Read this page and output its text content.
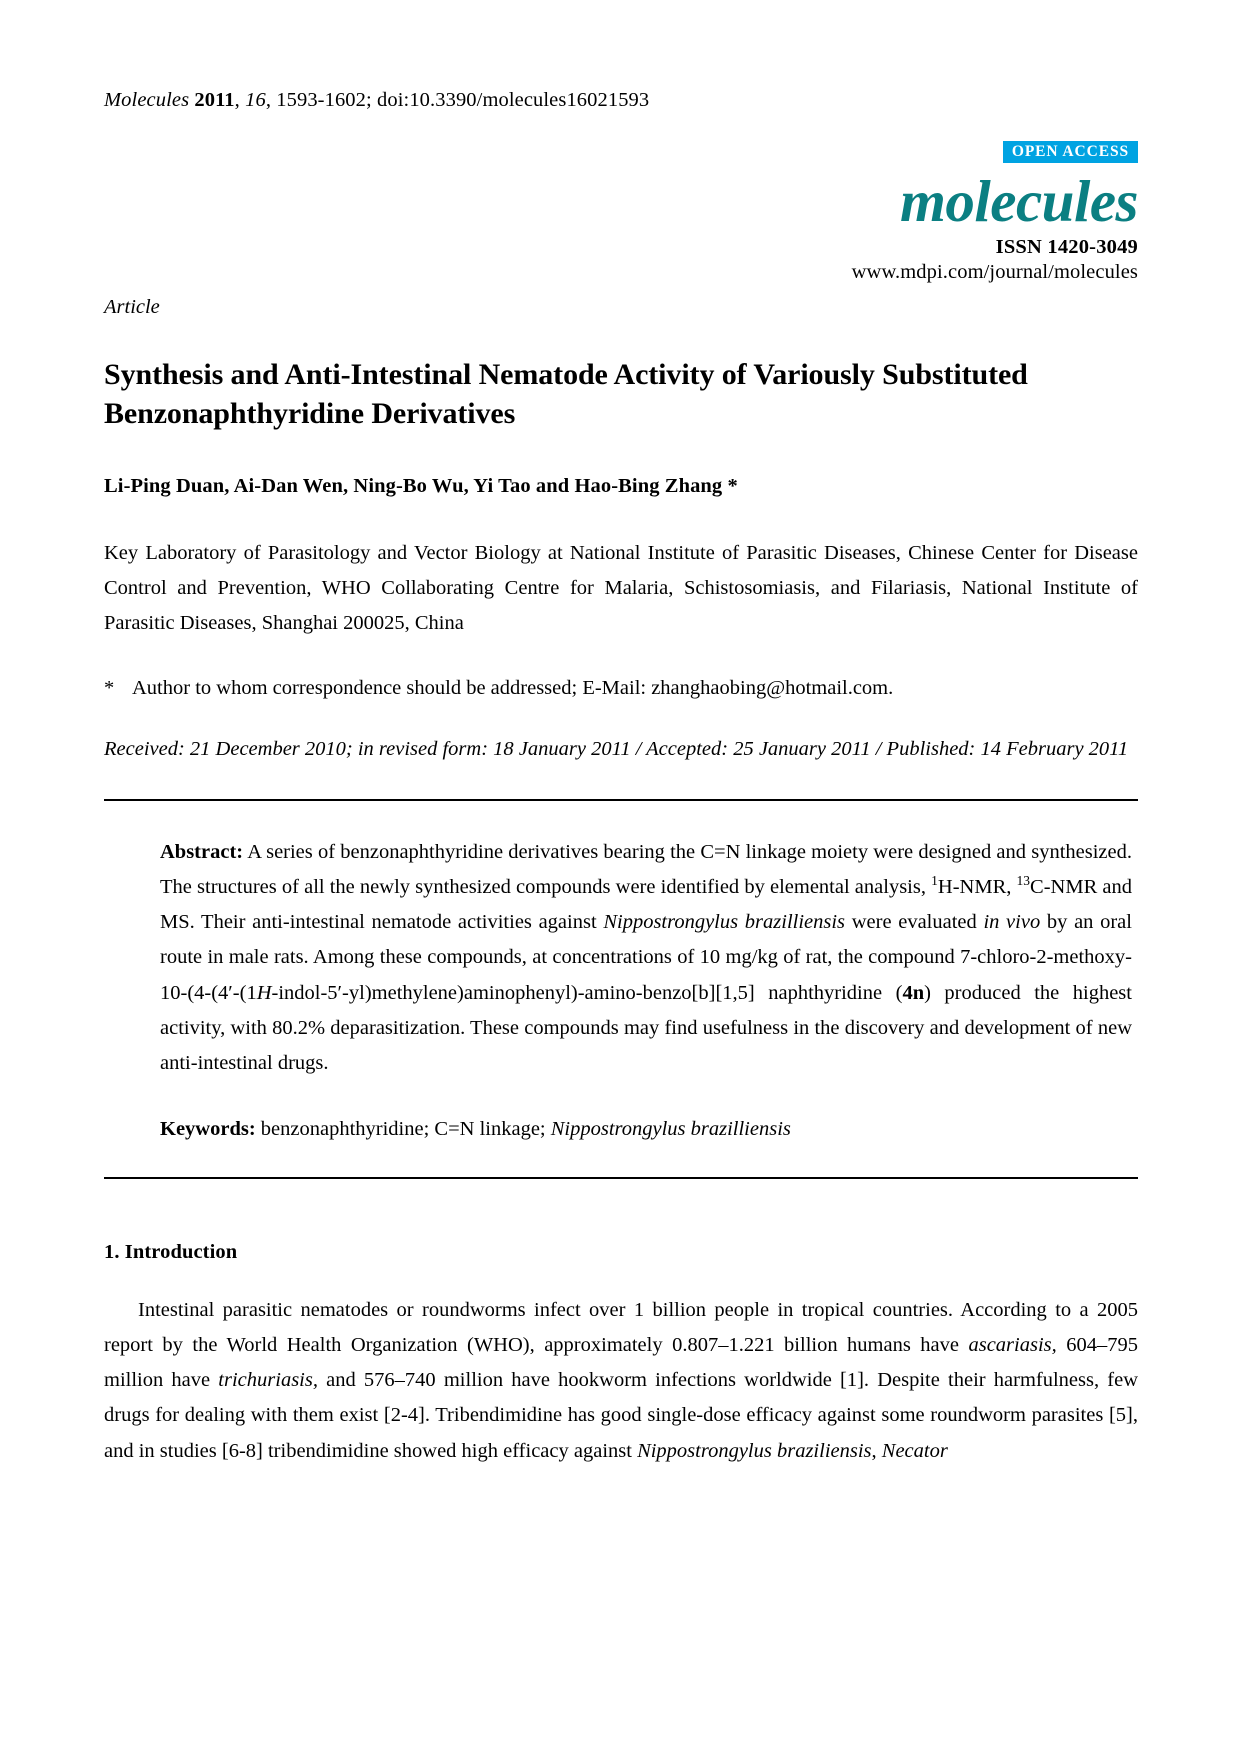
Molecules 2011, 16, 1593-1602; doi:10.3390/molecules16021593
OPEN ACCESS
molecules
ISSN 1420-3049
www.mdpi.com/journal/molecules
Article
Synthesis and Anti-Intestinal Nematode Activity of Variously Substituted Benzonaphthyridine Derivatives
Li-Ping Duan, Ai-Dan Wen, Ning-Bo Wu, Yi Tao and Hao-Bing Zhang *
Key Laboratory of Parasitology and Vector Biology at National Institute of Parasitic Diseases, Chinese Center for Disease Control and Prevention, WHO Collaborating Centre for Malaria, Schistosomiasis, and Filariasis, National Institute of Parasitic Diseases, Shanghai 200025, China
* Author to whom correspondence should be addressed; E-Mail: zhanghaobing@hotmail.com.
Received: 21 December 2010; in revised form: 18 January 2011 / Accepted: 25 January 2011 / Published: 14 February 2011

Abstract: A series of benzonaphthyridine derivatives bearing the C=N linkage moiety were designed and synthesized. The structures of all the newly synthesized compounds were identified by elemental analysis, $^1$H-NMR, $^{13}$C-NMR and MS. Their anti-intestinal nematode activities against Nippostrongylus brazilliensis were evaluated in vivo by an oral route in male rats. Among these compounds, at concentrations of 10 mg/kg of rat, the compound 7-chloro-2-methoxy-10-(4-(4′-(1H-indol-5′-yl)methylene)aminophenyl)-amino-benzo[b][1,5] naphthyridine (4n) produced the highest activity, with 80.2% deparasitization. These compounds may find usefulness in the discovery and development of new anti-intestinal drugs.

Keywords: benzonaphthyridine; C=N linkage; Nippostrongylus brazilliensis

1. Introduction

Intestinal parasitic nematodes or roundworms infect over 1 billion people in tropical countries. According to a 2005 report by the World Health Organization (WHO), approximately 0.807–1.221 billion humans have ascariasis, 604–795 million have trichuriasis, and 576–740 million have hookworm infections worldwide [1]. Despite their harmfulness, few drugs for dealing with them exist [2-4]. Tribendimidine has good single-dose efficacy against some roundworm parasites [5], and in studies [6-8] tribendimidine showed high efficacy against Nippostrongylus braziliensis, Necator
